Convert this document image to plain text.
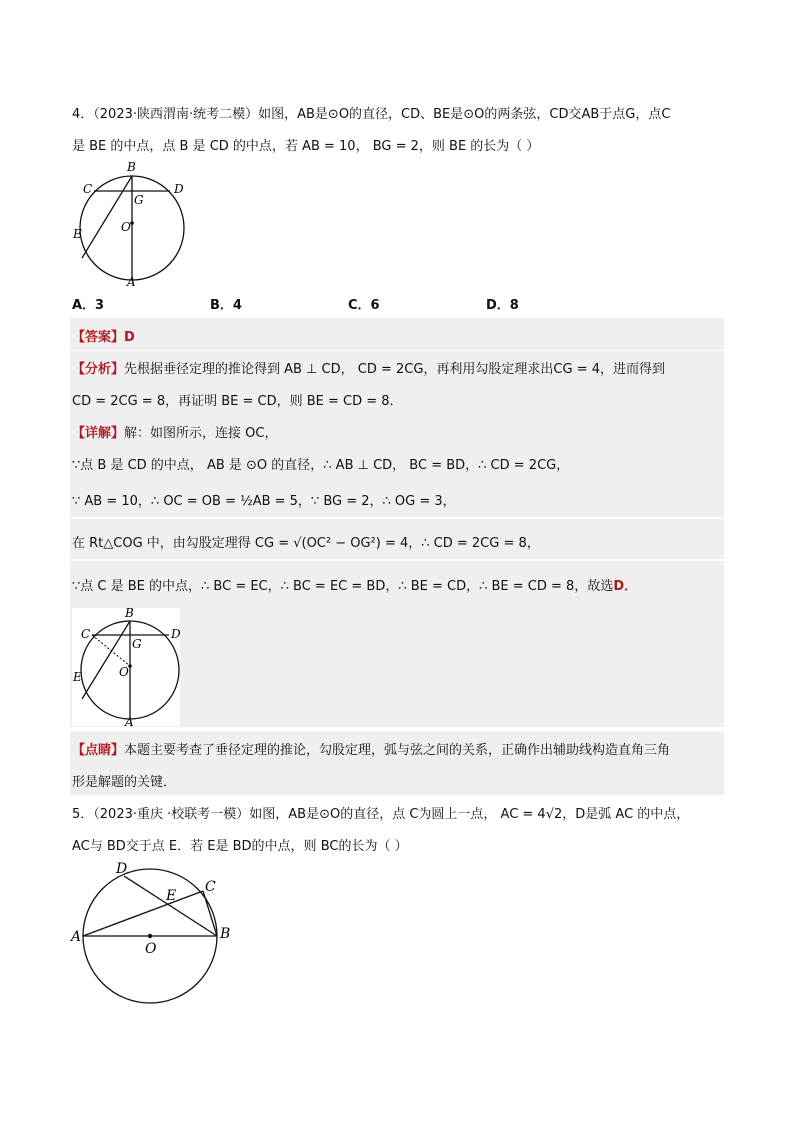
4．（2023·陕西渭南·统考二模）如图，AB是⊙O的直径，CD、BE是⊙O的两条弦，CD交AB于点G，点C
是 BE 的中点，点 B 是 CD 的中点，若 AB = 10， BG = 2，则 BE 的长为（ ）
B
C	D
G
O
E
A
A．3	B．4	C．6	D．8
【答案】D
【分析】先根据垂径定理的推论得到 AB ⊥ CD， CD = 2CG，再利用勾股定理求出CG = 4，进而得到
CD = 2CG = 8，再证明 BE = CD，则 BE = CD = 8．
【详解】解：如图所示，连接 OC，
∵点 B 是 CD 的中点， AB 是 ⊙O 的直径，∴ AB ⊥ CD， BC = BD，∴ CD = 2CG，
∵ AB = 10，∴ OC = OB = ½AB = 5，∵ BG = 2，∴ OG = 3，
在 Rt△COG 中，由勾股定理得 CG = √(OC² − OG²) = 4，∴ CD = 2CG = 8，
∵点 C 是 BE 的中点，∴ BC = EC，∴ BC = EC = BD，∴ BE = CD，∴ BE = CD = 8，故选D．
B
C	D
G
O
E
A
【点睛】本题主要考查了垂径定理的推论，勾股定理，弧与弦之间的关系，正确作出辅助线构造直角三角
形是解题的关键．
5．（2023·重庆 ·校联考一模）如图，AB是⊙O的直径，点 C为圆上一点， AC = 4√2，D是弧 AC 的中点，
AC与 BD交于点 E．若 E是 BD的中点，则 BC的长为（ ）
D
E
C
A
O
B
